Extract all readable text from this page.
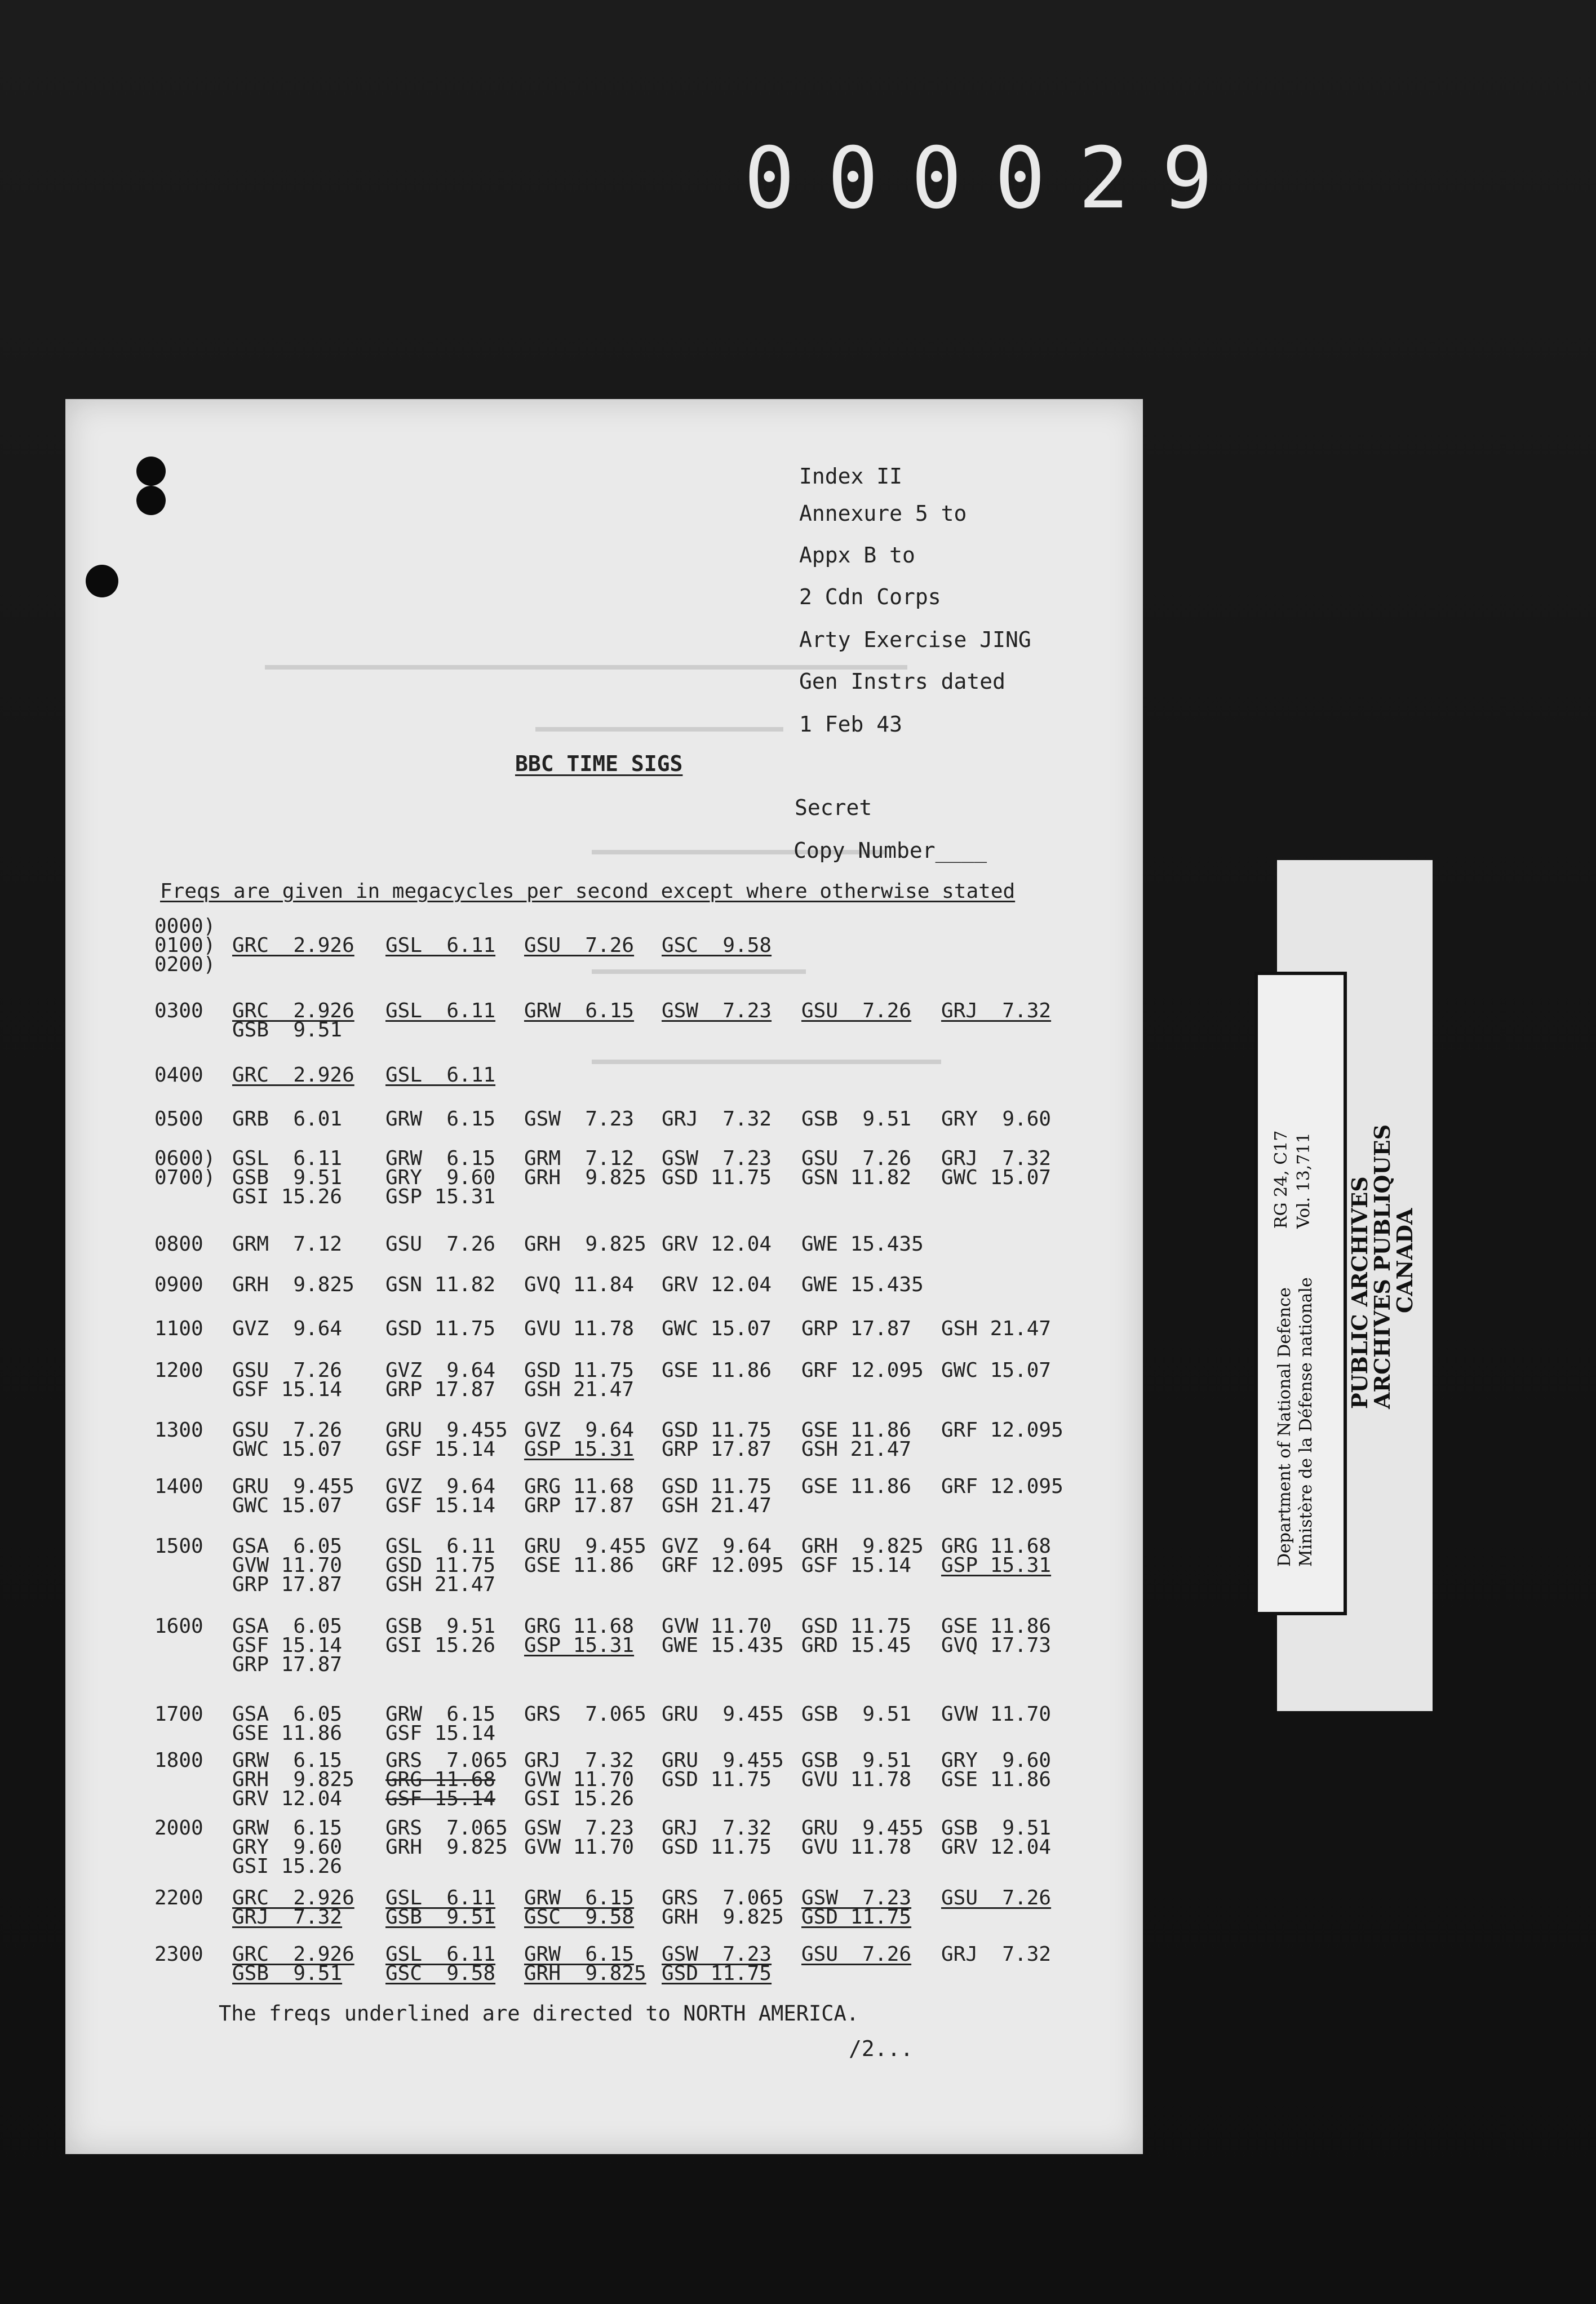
000029
Index II
Annexure 5 to
Appx B to
2 Cdn Corps
Arty Exercise JING
Gen Instrs dated
1 Feb 43
BBC TIME SIGS
Secret
Copy Number____
Freqs are given in megacycles per second except where otherwise stated
0000)
0100)
0200)
GRC  2.926 GSL  6.11 GSU  7.26 GSC  9.58
0300 GRC  2.926 GSL  6.11 GRW  6.15 GSW  7.23 GSU  7.26 GRJ  7.32
GSB  9.51
0400 GRC  2.926 GSL  6.11
0500 GRB  6.01 GRW  6.15 GSW  7.23 GRJ  7.32 GSB  9.51 GRY  9.60
0600)
0700)
GSL  6.11 GRW  6.15 GRM  7.12 GSW  7.23 GSU  7.26 GRJ  7.32
GSB  9.51 GRY  9.60 GRH  9.825 GSD 11.75 GSN 11.82 GWC 15.07
GSI 15.26 GSP 15.31
0800 GRM  7.12 GSU  7.26 GRH  9.825 GRV 12.04 GWE 15.435
0900 GRH  9.825 GSN 11.82 GVQ 11.84 GRV 12.04 GWE 15.435
1100 GVZ  9.64 GSD 11.75 GVU 11.78 GWC 15.07 GRP 17.87 GSH 21.47
1200 GSU  7.26 GVZ  9.64 GSD 11.75 GSE 11.86 GRF 12.095 GWC 15.07
GSF 15.14 GRP 17.87 GSH 21.47
1300 GSU  7.26 GRU  9.455 GVZ  9.64 GSD 11.75 GSE 11.86 GRF 12.095
GWC 15.07 GSF 15.14 GSP 15.31 GRP 17.87 GSH 21.47
1400 GRU  9.455 GVZ  9.64 GRG 11.68 GSD 11.75 GSE 11.86 GRF 12.095
GWC 15.07 GSF 15.14 GRP 17.87 GSH 21.47
1500 GSA  6.05 GSL  6.11 GRU  9.455 GVZ  9.64 GRH  9.825 GRG 11.68
GVW 11.70 GSD 11.75 GSE 11.86 GRF 12.095 GSF 15.14 GSP 15.31
GRP 17.87 GSH 21.47
1600 GSA  6.05 GSB  9.51 GRG 11.68 GVW 11.70 GSD 11.75 GSE 11.86
GSF 15.14 GSI 15.26 GSP 15.31 GWE 15.435 GRD 15.45 GVQ 17.73
GRP 17.87
1700 GSA  6.05 GRW  6.15 GRS  7.065 GRU  9.455 GSB  9.51 GVW 11.70
GSE 11.86 GSF 15.14
1800 GRW  6.15 GRS  7.065 GRJ  7.32 GRU  9.455 GSB  9.51 GRY  9.60
GRH  9.825 GRG 11.68 GVW 11.70 GSD 11.75 GVU 11.78 GSE 11.86
GRV 12.04 GSF 15.14 GSI 15.26
2000 GRW  6.15 GRS  7.065 GSW  7.23 GRJ  7.32 GRU  9.455 GSB  9.51
GRY  9.60 GRH  9.825 GVW 11.70 GSD 11.75 GVU 11.78 GRV 12.04
GSI 15.26
2200 GRC  2.926 GSL  6.11 GRW  6.15 GRS  7.065 GSW  7.23 GSU  7.26
GRJ  7.32 GSB  9.51 GSC  9.58 GRH  9.825 GSD 11.75
2300 GRC  2.926 GSL  6.11 GRW  6.15 GSW  7.23 GSU  7.26 GRJ  7.32
GSB  9.51 GSC  9.58 GRH  9.825 GSD 11.75
The freqs underlined are directed to NORTH AMERICA.
/2...
Department of National Defence Ministère de la Défense nationale
RG 24, C17 Vol. 13,711 PUBLIC ARCHIVES
ARCHIVES PUBLIQUES
CANADA
